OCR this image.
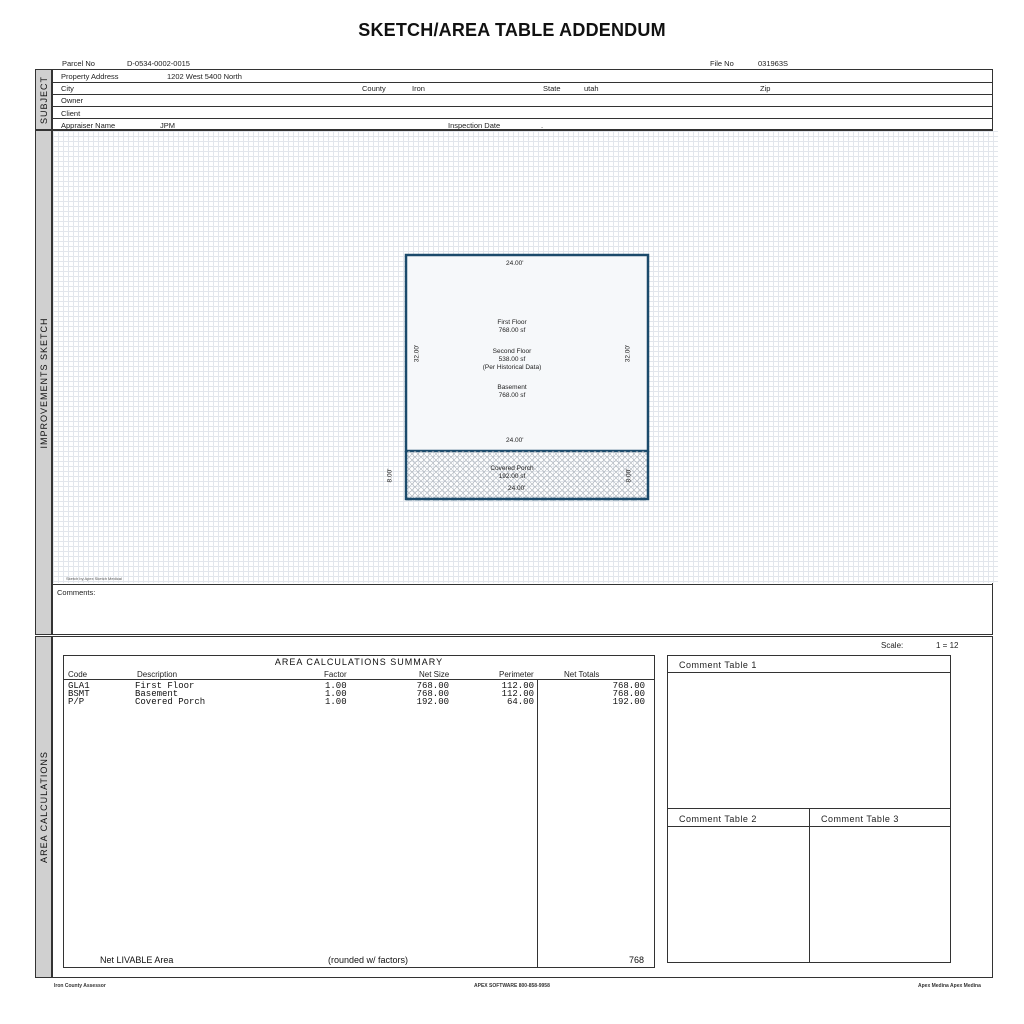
SKETCH/AREA TABLE ADDENDUM
Parcel No	D-0534-0002-0015	File No	031963S
SUBJECT Property Address	1202 West 5400 North
City	County	Iron	State	utah	Zip
Owner
Client
Appraiser Name	JPM	Inspection Date	.
IMPROVEMENTS SKETCH
Sketch by Apex Sketch Medical
Comments:
24.00'
32.00'	32.00'
First Floor
768.00 sf
Second Floor
538.00 sf
(Per Historical Data)
Basement
768.00 sf
24.00'
Covered Porch
192.00 sf
24.00'
8.00'	8.00'
AREA CALCULATIONS
Scale:	1 = 12
AREA CALCULATIONS SUMMARY
Code	Description	Factor	Net Size	Perimeter	Net Totals
GLA1	First Floor	1.00	768.00	112.00	768.00
BSMT	Basement	1.00	768.00	112.00	768.00
P/P	Covered Porch	1.00	192.00	64.00	192.00
Net LIVABLE Area	(rounded w/ factors)	768
Comment Table 1
Comment Table 2	Comment Table 3
Iron County Assessor	APEX SOFTWARE 800-858-9958	Apex Medina Apex Medina
